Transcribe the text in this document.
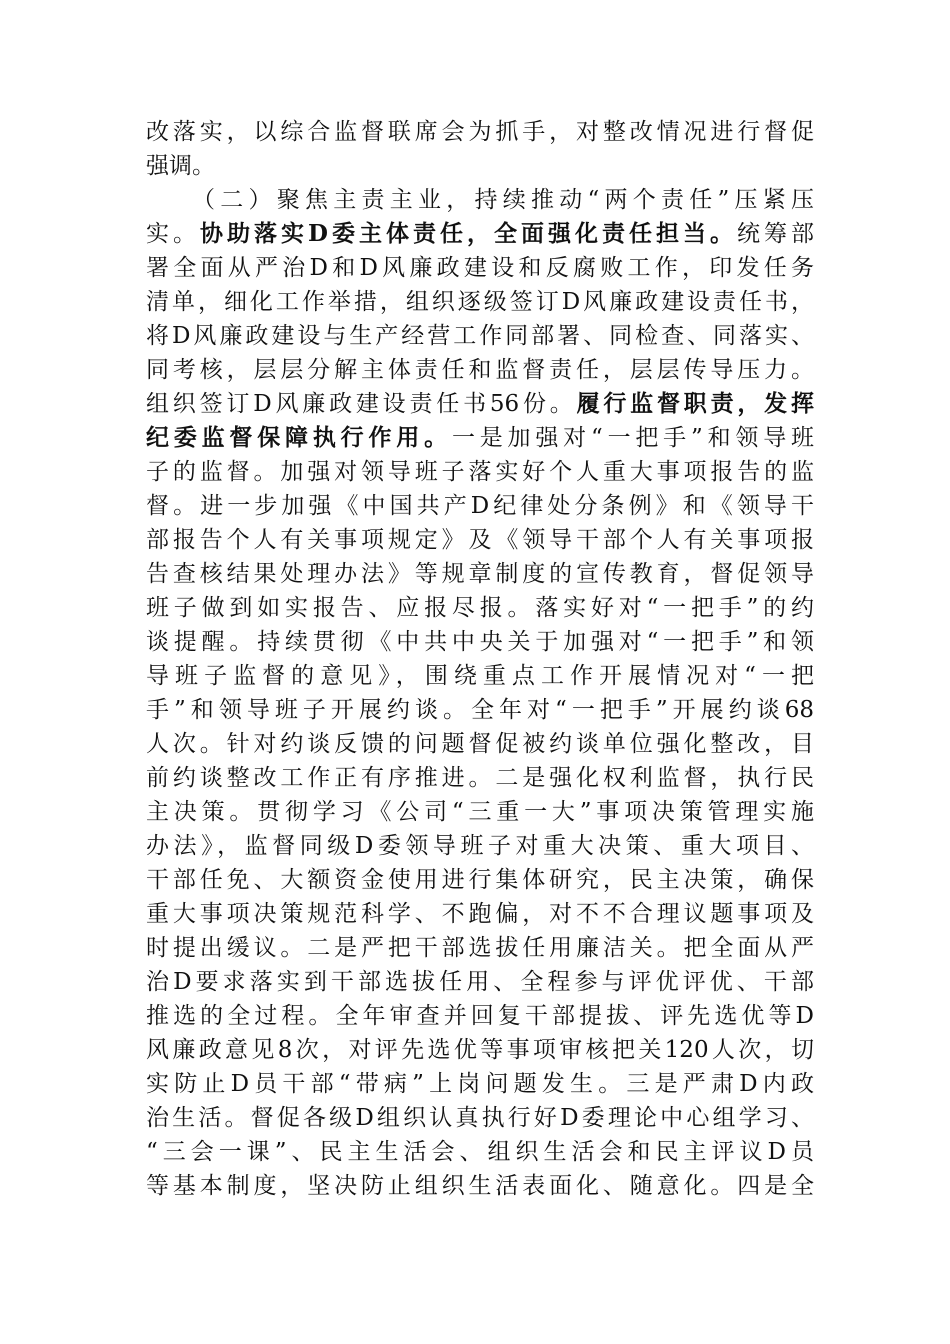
改落实，以综合监督联席会为抓手，对整改情况进行督促
强调。
（二）聚焦主责主业，持续推动“两个责任”压紧压
实。协助落实D委主体责任，全面强化责任担当。统筹部
署全面从严治D和D风廉政建设和反腐败工作，印发任务
清单，细化工作举措，组织逐级签订D风廉政建设责任书，
将D风廉政建设与生产经营工作同部署、同检查、同落实、
同考核，层层分解主体责任和监督责任，层层传导压力。
组织签订D风廉政建设责任书56份。履行监督职责，发挥
纪委监督保障执行作用。一是加强对“一把手”和领导班
子的监督。加强对领导班子落实好个人重大事项报告的监
督。进一步加强《中国共产D纪律处分条例》和《领导干
部报告个人有关事项规定》及《领导干部个人有关事项报
告查核结果处理办法》等规章制度的宣传教育，督促领导
班子做到如实报告、应报尽报。落实好对“一把手”的约
谈提醒。持续贯彻《中共中央关于加强对“一把手”和领
导班子监督的意见》，围绕重点工作开展情况对“一把
手”和领导班子开展约谈。全年对“一把手”开展约谈68
人次。针对约谈反馈的问题督促被约谈单位强化整改，目
前约谈整改工作正有序推进。二是强化权利监督，执行民
主决策。贯彻学习《公司“三重一大”事项决策管理实施
办法》，监督同级D委领导班子对重大决策、重大项目、
干部任免、大额资金使用进行集体研究，民主决策，确保
重大事项决策规范科学、不跑偏，对不不合理议题事项及
时提出缓议。二是严把干部选拔任用廉洁关。把全面从严
治D要求落实到干部选拔任用、全程参与评优评优、干部
推选的全过程。全年审查并回复干部提拔、评先选优等D
风廉政意见8次，对评先选优等事项审核把关120人次，切
实防止D员干部“带病”上岗问题发生。三是严肃D内政
治生活。督促各级D组织认真执行好D委理论中心组学习、
“三会一课”、民主生活会、组织生活会和民主评议D员
等基本制度，坚决防止组织生活表面化、随意化。四是全
